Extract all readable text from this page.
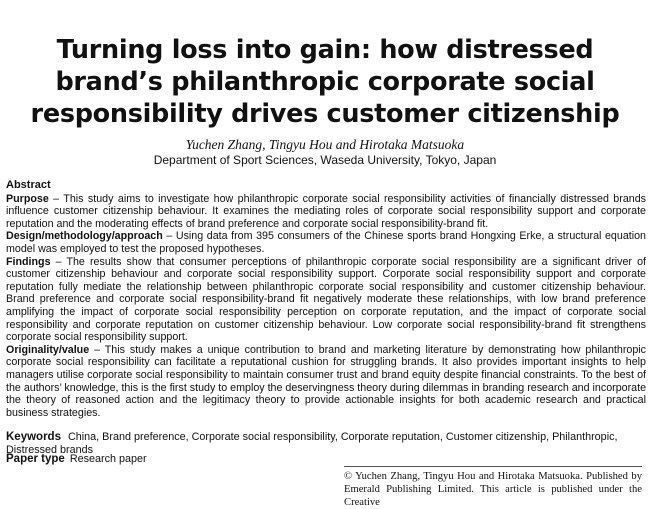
Turning loss into gain: how distressed brand’s philanthropic corporate social responsibility drives customer citizenship
Yuchen Zhang, Tingyu Hou and Hirotaka Matsuoka
Department of Sport Sciences, Waseda University, Tokyo, Japan
Abstract

Purpose – This study aims to investigate how philanthropic corporate social responsibility activities of financially distressed brands influence customer citizenship behaviour. It examines the mediating roles of corporate social responsibility support and corporate reputation and the moderating effects of brand preference and corporate social responsibility-brand fit.

Design/methodology/approach – Using data from 395 consumers of the Chinese sports brand Hongxing Erke, a structural equation model was employed to test the proposed hypotheses.

Findings – The results show that consumer perceptions of philanthropic corporate social responsibility are a significant driver of customer citizenship behaviour and corporate social responsibility support. Corporate social responsibility support and corporate reputation fully mediate the relationship between philanthropic corporate social responsibility and customer citizenship behaviour. Brand preference and corporate social responsibility-brand fit negatively moderate these relationships, with low brand preference amplifying the impact of corporate social responsibility perception on corporate reputation, and the impact of corporate social responsibility and corporate reputation on customer citizenship behaviour. Low corporate social responsibility-brand fit strengthens corporate social responsibility support.

Originality/value – This study makes a unique contribution to brand and marketing literature by demonstrating how philanthropic corporate social responsibility can facilitate a reputational cushion for struggling brands. It also provides important insights to help managers utilise corporate social responsibility to maintain consumer trust and brand equity despite financial constraints. To the best of the authors’ knowledge, this is the first study to employ the deservingness theory during dilemmas in branding research and incorporate the theory of reasoned action and the legitimacy theory to provide actionable insights for both academic research and practical business strategies.

Keywords China, Brand preference, Corporate social responsibility, Corporate reputation, Customer citizenship, Philanthropic, Distressed brands
Paper type Research paper
© Yuchen Zhang, Tingyu Hou and Hirotaka Matsuoka. Published by Emerald Publishing Limited. This article is published under the Creative
